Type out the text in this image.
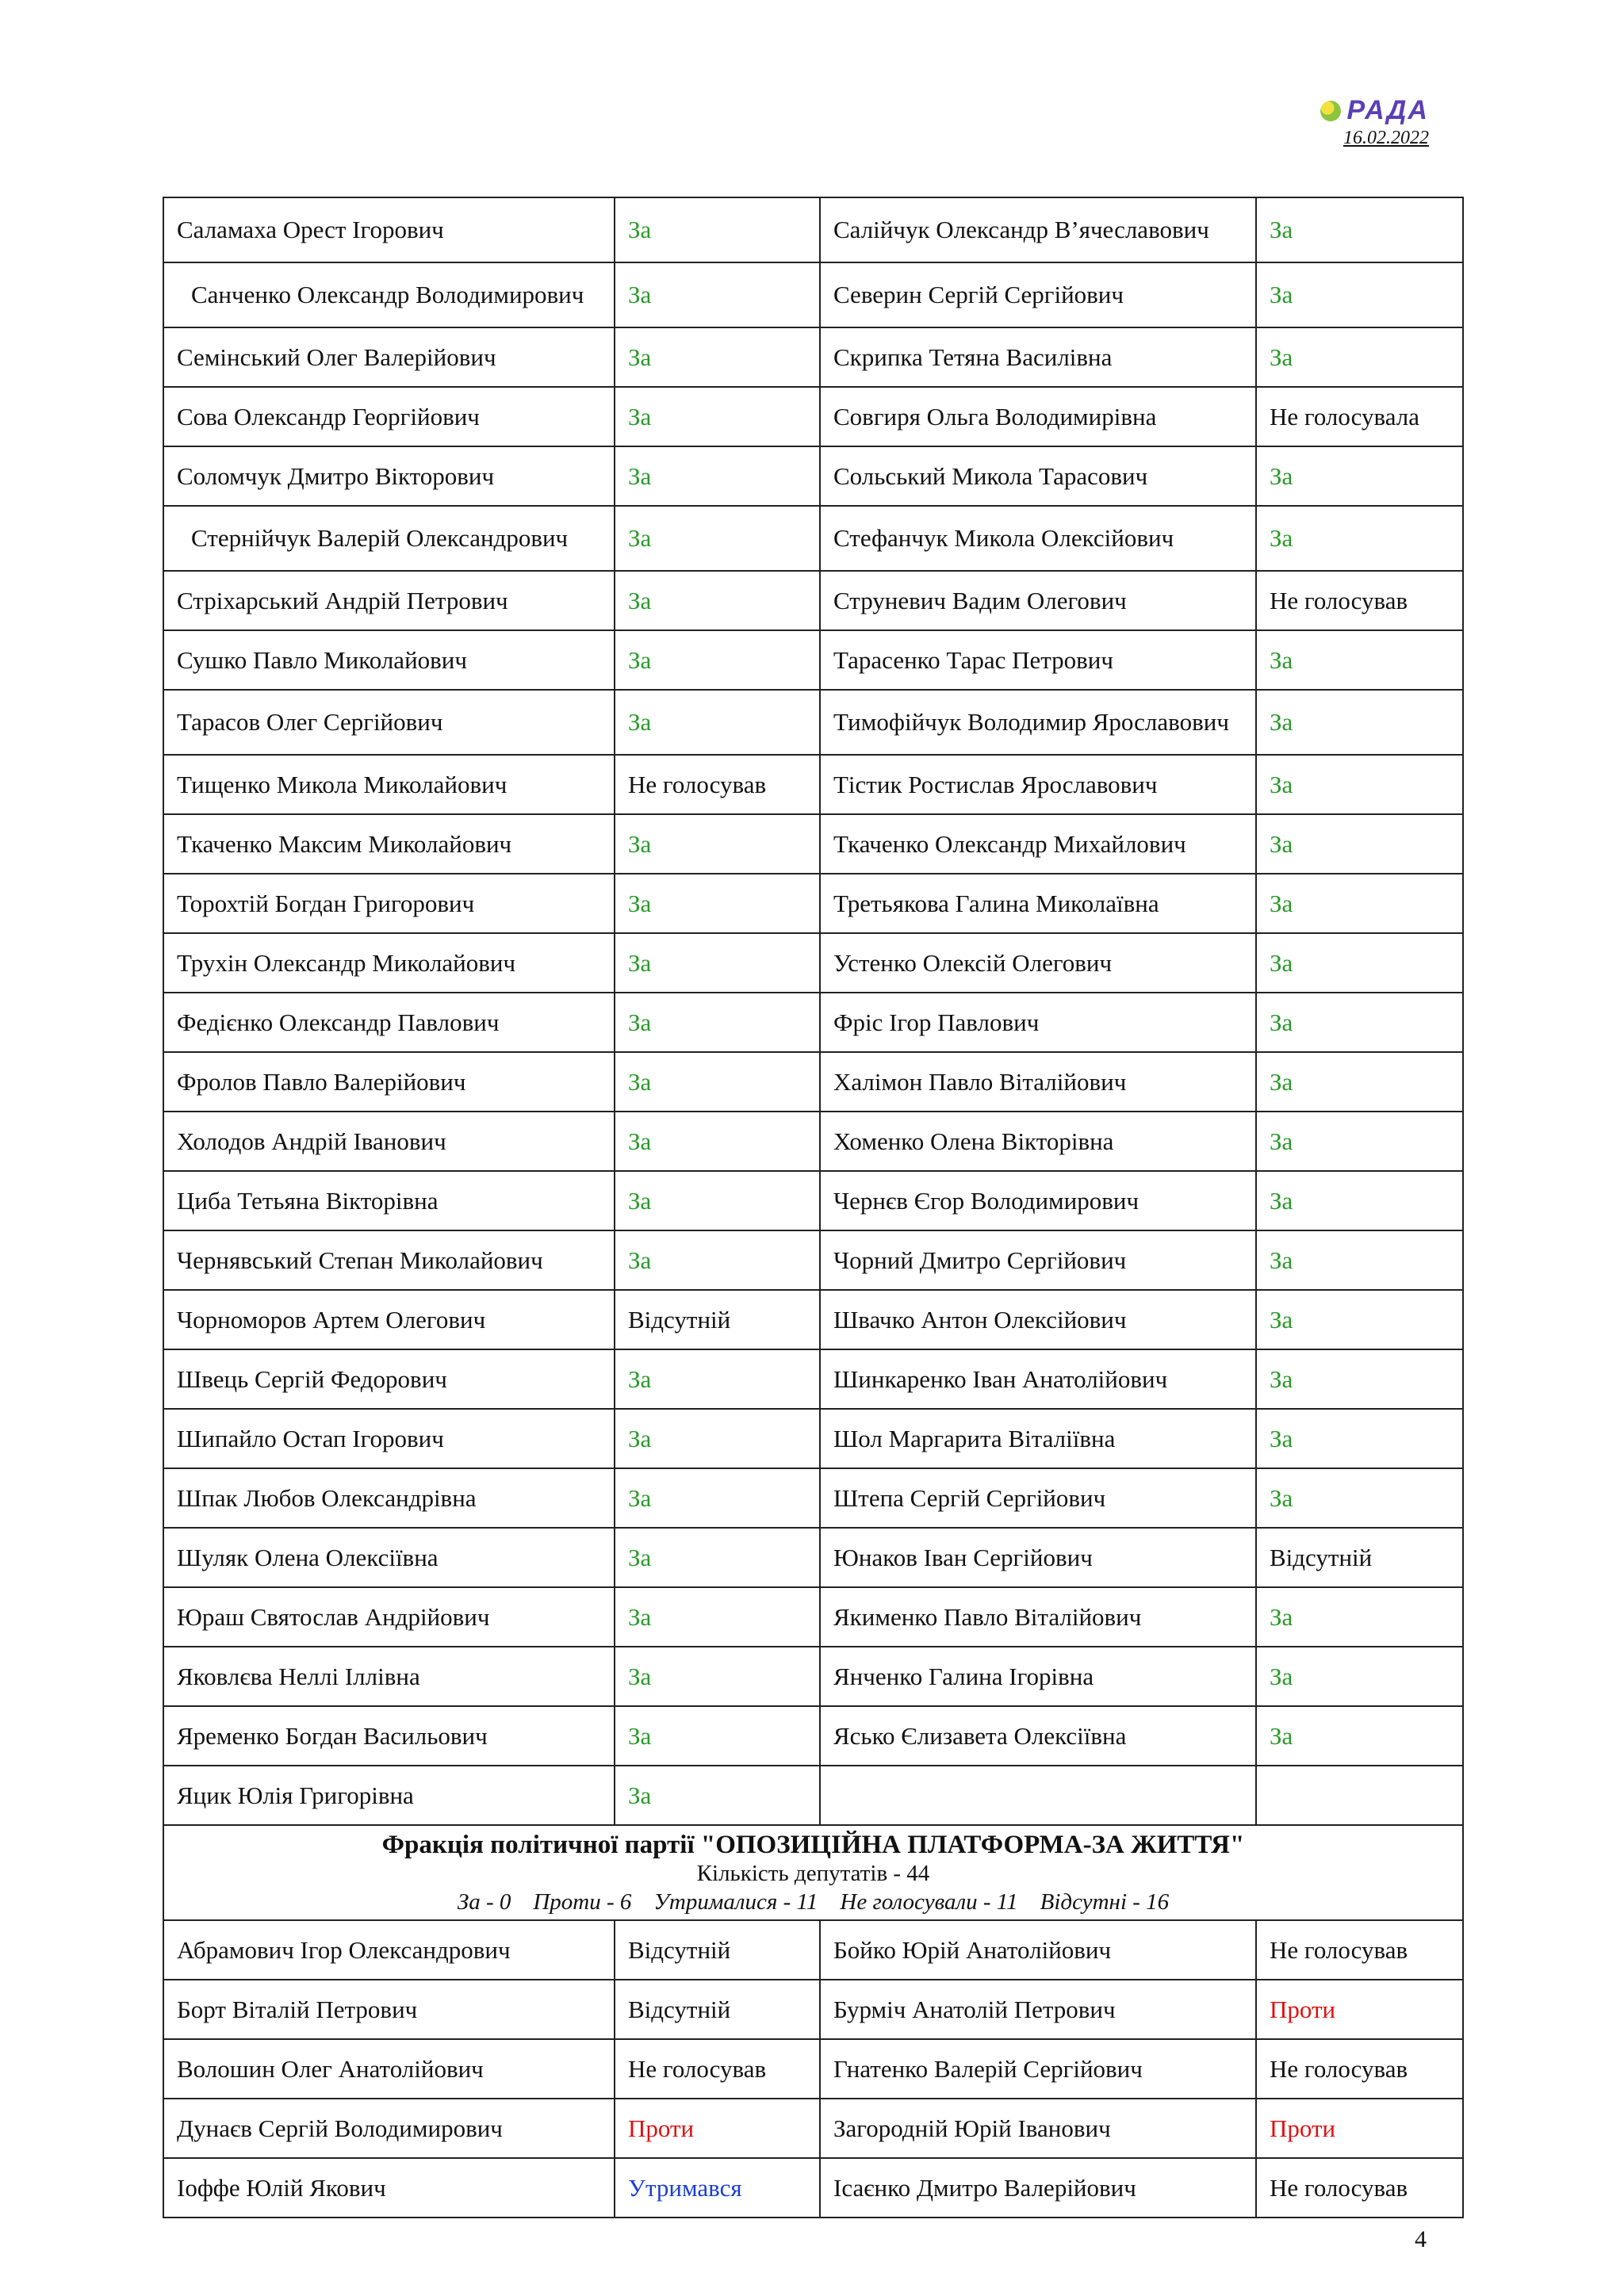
РАДА
16.02.2022
Саламаха Орест Ігорович	За	Салійчук Олександр В’ячеславович	За
Санченко Олександр Володимирович	За	Северин Сергій Сергійович	За
Семінський Олег Валерійович	За	Скрипка Тетяна Василівна	За
Сова Олександр Георгійович	За	Совгиря Ольга Володимирівна	Не голосувала
Соломчук Дмитро Вікторович	За	Сольський Микола Тарасович	За
Стернійчук Валерій Олександрович	За	Стефанчук Микола Олексійович	За
Стріхарський Андрій Петрович	За	Струневич Вадим Олегович	Не голосував
Сушко Павло Миколайович	За	Тарасенко Тарас Петрович	За
Тарасов Олег Сергійович	За	Тимофійчук Володимир Ярославович	За
Тищенко Микола Миколайович	Не голосував	Тістик Ростислав Ярославович	За
Ткаченко Максим Миколайович	За	Ткаченко Олександр Михайлович	За
Торохтій Богдан Григорович	За	Третьякова Галина Миколаївна	За
Трухін Олександр Миколайович	За	Устенко Олексій Олегович	За
Федієнко Олександр Павлович	За	Фріс Ігор Павлович	За
Фролов Павло Валерійович	За	Халімон Павло Віталійович	За
Холодов Андрій Іванович	За	Хоменко Олена Вікторівна	За
Циба Тетьяна Вікторівна	За	Чернєв Єгор Володимирович	За
Чернявський Степан Миколайович	За	Чорний Дмитро Сергійович	За
Чорноморов Артем Олегович	Відсутній	Швачко Антон Олексійович	За
Швець Сергій Федорович	За	Шинкаренко Іван Анатолійович	За
Шипайло Остап Ігорович	За	Шол Маргарита Віталіївна	За
Шпак Любов Олександрівна	За	Штепа Сергій Сергійович	За
Шуляк Олена Олексіївна	За	Юнаков Іван Сергійович	Відсутній
Юраш Святослав Андрійович	За	Якименко Павло Віталійович	За
Яковлєва Неллі Іллівна	За	Янченко Галина Ігорівна	За
Яременко Богдан Васильович	За	Ясько Єлизавета Олексіївна	За
Яцик Юлія Григорівна	За		

Фракція політичної партії "ОПОЗИЦІЙНА ПЛАТФОРМА-ЗА ЖИТТЯ"
Кількість депутатів - 44
За - 0 Проти - 6 Утрималися - 11 Не голосували - 11 Відсутні - 16			

Абрамович Ігор Олександрович	Відсутній	Бойко Юрій Анатолійович	Не голосував
Борт Віталій Петрович	Відсутній	Бурміч Анатолій Петрович	Проти
Волошин Олег Анатолійович	Не голосував	Гнатенко Валерій Сергійович	Не голосував
Дунаєв Сергій Володимирович	Проти	Загородній Юрій Іванович	Проти
Іоффе Юлій Якович	Утримався	Ісаєнко Дмитро Валерійович	Не голосував
4
